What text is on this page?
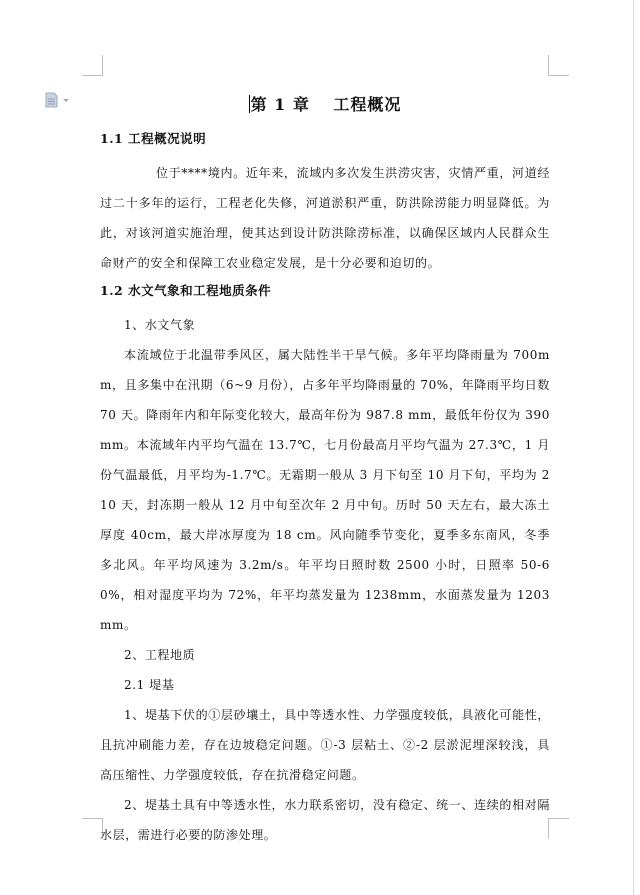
第 1 章　 工程概况
1.1 工程概况说明

位于****境内。近年来，流域内多次发生洪涝灾害，灾情严重，河道经过二十多年的运行，工程老化失修，河道淤积严重，防洪除涝能力明显降低。为此，对该河道实施治理，使其达到设计防洪除涝标准，以确保区域内人民群众生命财产的安全和保障工农业稳定发展，是十分必要和迫切的。

1.2 水文气象和工程地质条件

1、水文气象

本流域位于北温带季风区，属大陆性半干旱气候。多年平均降雨量为 700mm，且多集中在汛期（6~9 月份），占多年平均降雨量的 70%，年降雨平均日数 70 天。降雨年内和年际变化较大，最高年份为 987.8 mm，最低年份仅为 390 mm。本流域年内平均气温在 13.7℃，七月份最高月平均气温为 27.3℃，1 月份气温最低，月平均为-1.7℃。无霜期一般从 3 月下旬至 10 月下旬，平均为 210 天，封冻期一般从 12 月中旬至次年 2 月中旬。历时 50 天左右，最大冻土厚度 40cm，最大岸冰厚度为 18 cm。风向随季节变化，夏季多东南风，冬季多北风。年平均风速为 3.2m/s。年平均日照时数 2500 小时，日照率 50-60%，相对湿度平均为 72%，年平均蒸发量为 1238mm，水面蒸发量为 1203 mm。

2、工程地质

2.1 堤基

1、堤基下伏的①层砂壤土，具中等透水性、力学强度较低，具液化可能性，且抗冲刷能力差，存在边坡稳定问题。①-3 层粘土、②-2 层淤泥埋深较浅，具高压缩性、力学强度较低，存在抗滑稳定问题。

2、堤基土具有中等透水性，水力联系密切，没有稳定、统一、连续的相对隔水层，需进行必要的防渗处理。
